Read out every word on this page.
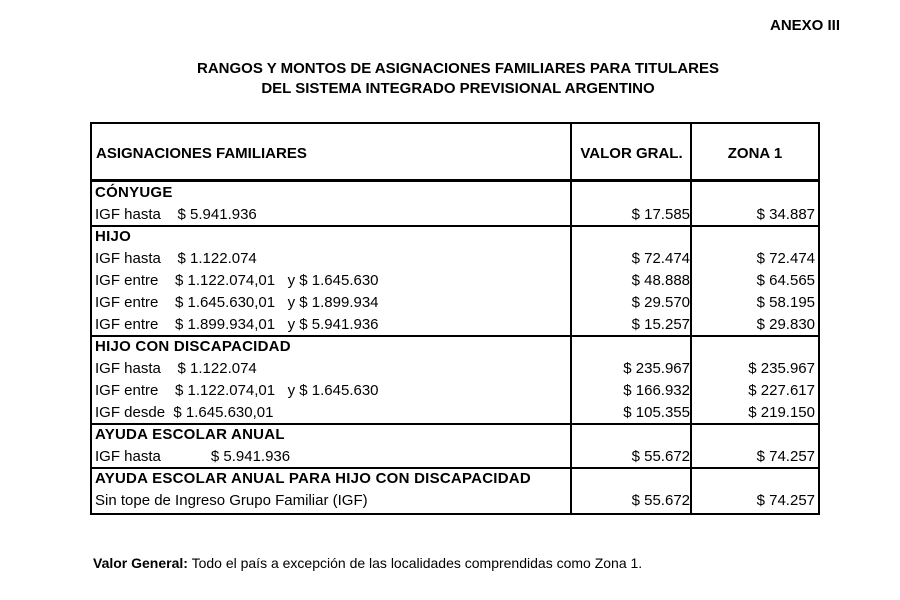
ANEXO III
RANGOS Y MONTOS DE ASIGNACIONES FAMILIARES PARA TITULARES
DEL SISTEMA INTEGRADO PREVISIONAL ARGENTINO
ASIGNACIONES FAMILIARES	VALOR GRAL.	ZONA 1
CÓNYUGE
IGF hasta    $ 5.941.936	$ 17.585	$ 34.887
HIJO
IGF hasta    $ 1.122.074	$ 72.474	$ 72.474
IGF entre    $ 1.122.074,01   y $ 1.645.630	$ 48.888	$ 64.565
IGF entre    $ 1.645.630,01   y $ 1.899.934	$ 29.570	$ 58.195
IGF entre    $ 1.899.934,01   y $ 5.941.936	$ 15.257	$ 29.830
HIJO CON DISCAPACIDAD
IGF hasta    $ 1.122.074	$ 235.967	$ 235.967
IGF entre    $ 1.122.074,01   y $ 1.645.630	$ 166.932	$ 227.617
IGF desde  $ 1.645.630,01	$ 105.355	$ 219.150
AYUDA ESCOLAR ANUAL
IGF hasta            $ 5.941.936	$ 55.672	$ 74.257
AYUDA ESCOLAR ANUAL PARA HIJO CON DISCAPACIDAD
Sin tope de Ingreso Grupo Familiar (IGF)	$ 55.672	$ 74.257
Valor General: Todo el país a excepción de las localidades comprendidas como Zona 1.
